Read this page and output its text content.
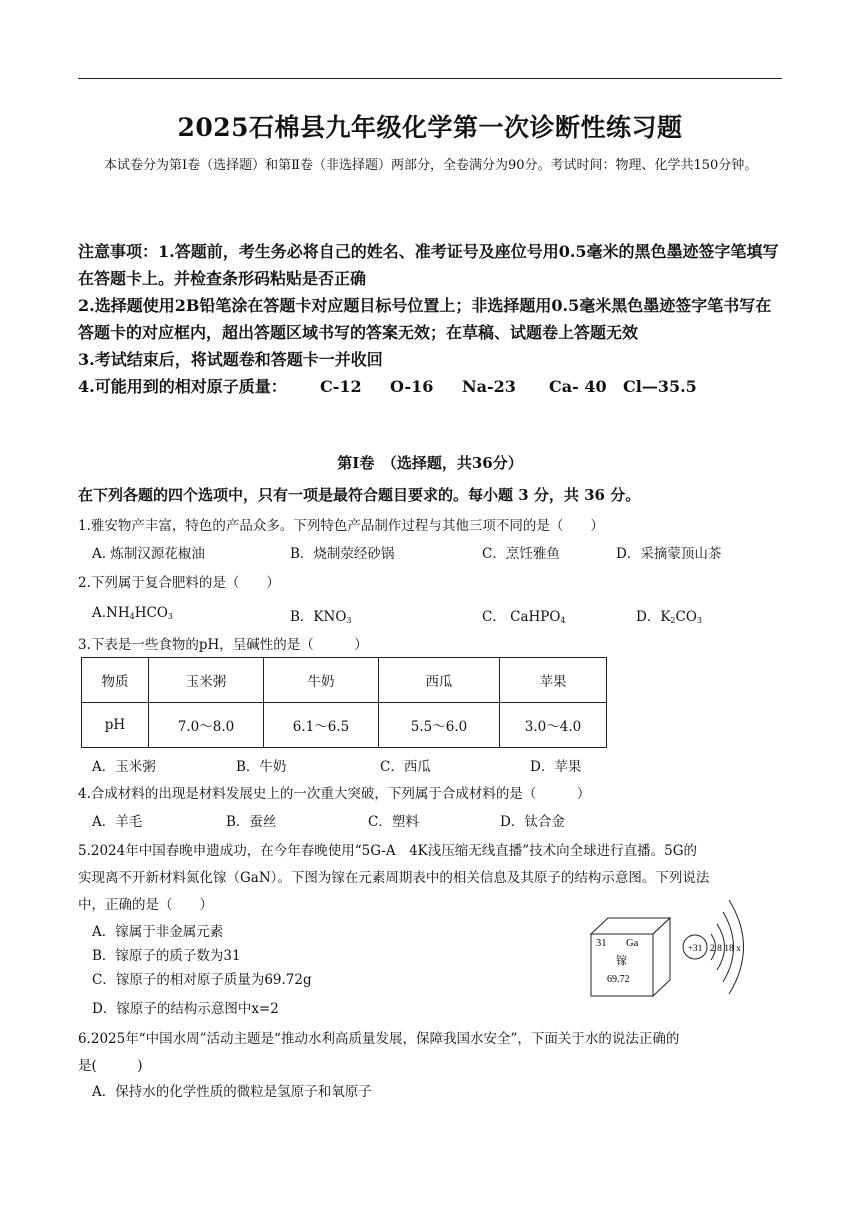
2025石棉县九年级化学第一次诊断性练习题
本试卷分为第Ⅰ卷（选择题）和第Ⅱ卷（非选择题）两部分，全卷满分为90分。考试时间：物理、化学共150分钟。
注意事项：1.答题前，考生务必将自己的姓名、准考证号及座位号用0.5毫米的黑色墨迹签字笔填写在答题卡上。并检查条形码粘贴是否正确
2.选择题使用2B铅笔涂在答题卡对应题目标号位置上；非选择题用0.5毫米黑色墨迹签字笔书写在答题卡的对应框内，超出答题区域书写的答案无效；在草稿、试题卷上答题无效
3.考试结束后，将试题卷和答题卡一并收回
4.可能用到的相对原子质量： C-12 O-16 Na-23 Ca- 40 Cl—35.5
第Ⅰ卷　（选择题，共36分）
在下列各题的四个选项中，只有一项是最符合题目要求的。每小题 3 分，共 36 分。
1.雅安物产丰富，特色的产品众多。下列特色产品制作过程与其他三项不同的是（　　）
A. 炼制汉源花椒油	B．烧制荥经砂锅	C．烹饪雅鱼	D．采摘蒙顶山茶
2.下列属于复合肥料的是（　　）
$A.NH_4HCO_3$	B．$KNO_3$	C． CaHPO$_4$	D．$K_2CO_3$
3.下表是一些食物的pH，呈碱性的是（　　　）
物质	玉米粥	牛奶	西瓜	苹果
pH	7.0～8.0	6.1～6.5	5.5～6.0	3.0～4.0
A．玉米粥	B．牛奶	C．西瓜	D．苹果
4.合成材料的出现是材料发展史上的一次重大突破，下列属于合成材料的是（　　　）
A．羊毛	B．蚕丝	C．塑料	D．钛合金
5.2024年中国春晚申遗成功，在今年春晚使用“5G-A　4K浅压缩无线直播”技术向全球进行直播。5G的
实现离不开新材料氮化镓（GaN）。下图为镓在元素周期表中的相关信息及其原子的结构示意图。下列说法
中，正确的是（　　）
A．镓属于非金属元素
B．镓原子的质子数为31
C．镓原子的相对原子质量为69.72g
D．镓原子的结构示意图中x=2
31 Ga
镓
69.72
+31 2 8 18 x
6.2025年“中国水周”活动主题是“推动水利高质量发展，保障我国水安全”，下面关于水的说法正确的
是(　　　)
A．保持水的化学性质的微粒是氢原子和氧原子
